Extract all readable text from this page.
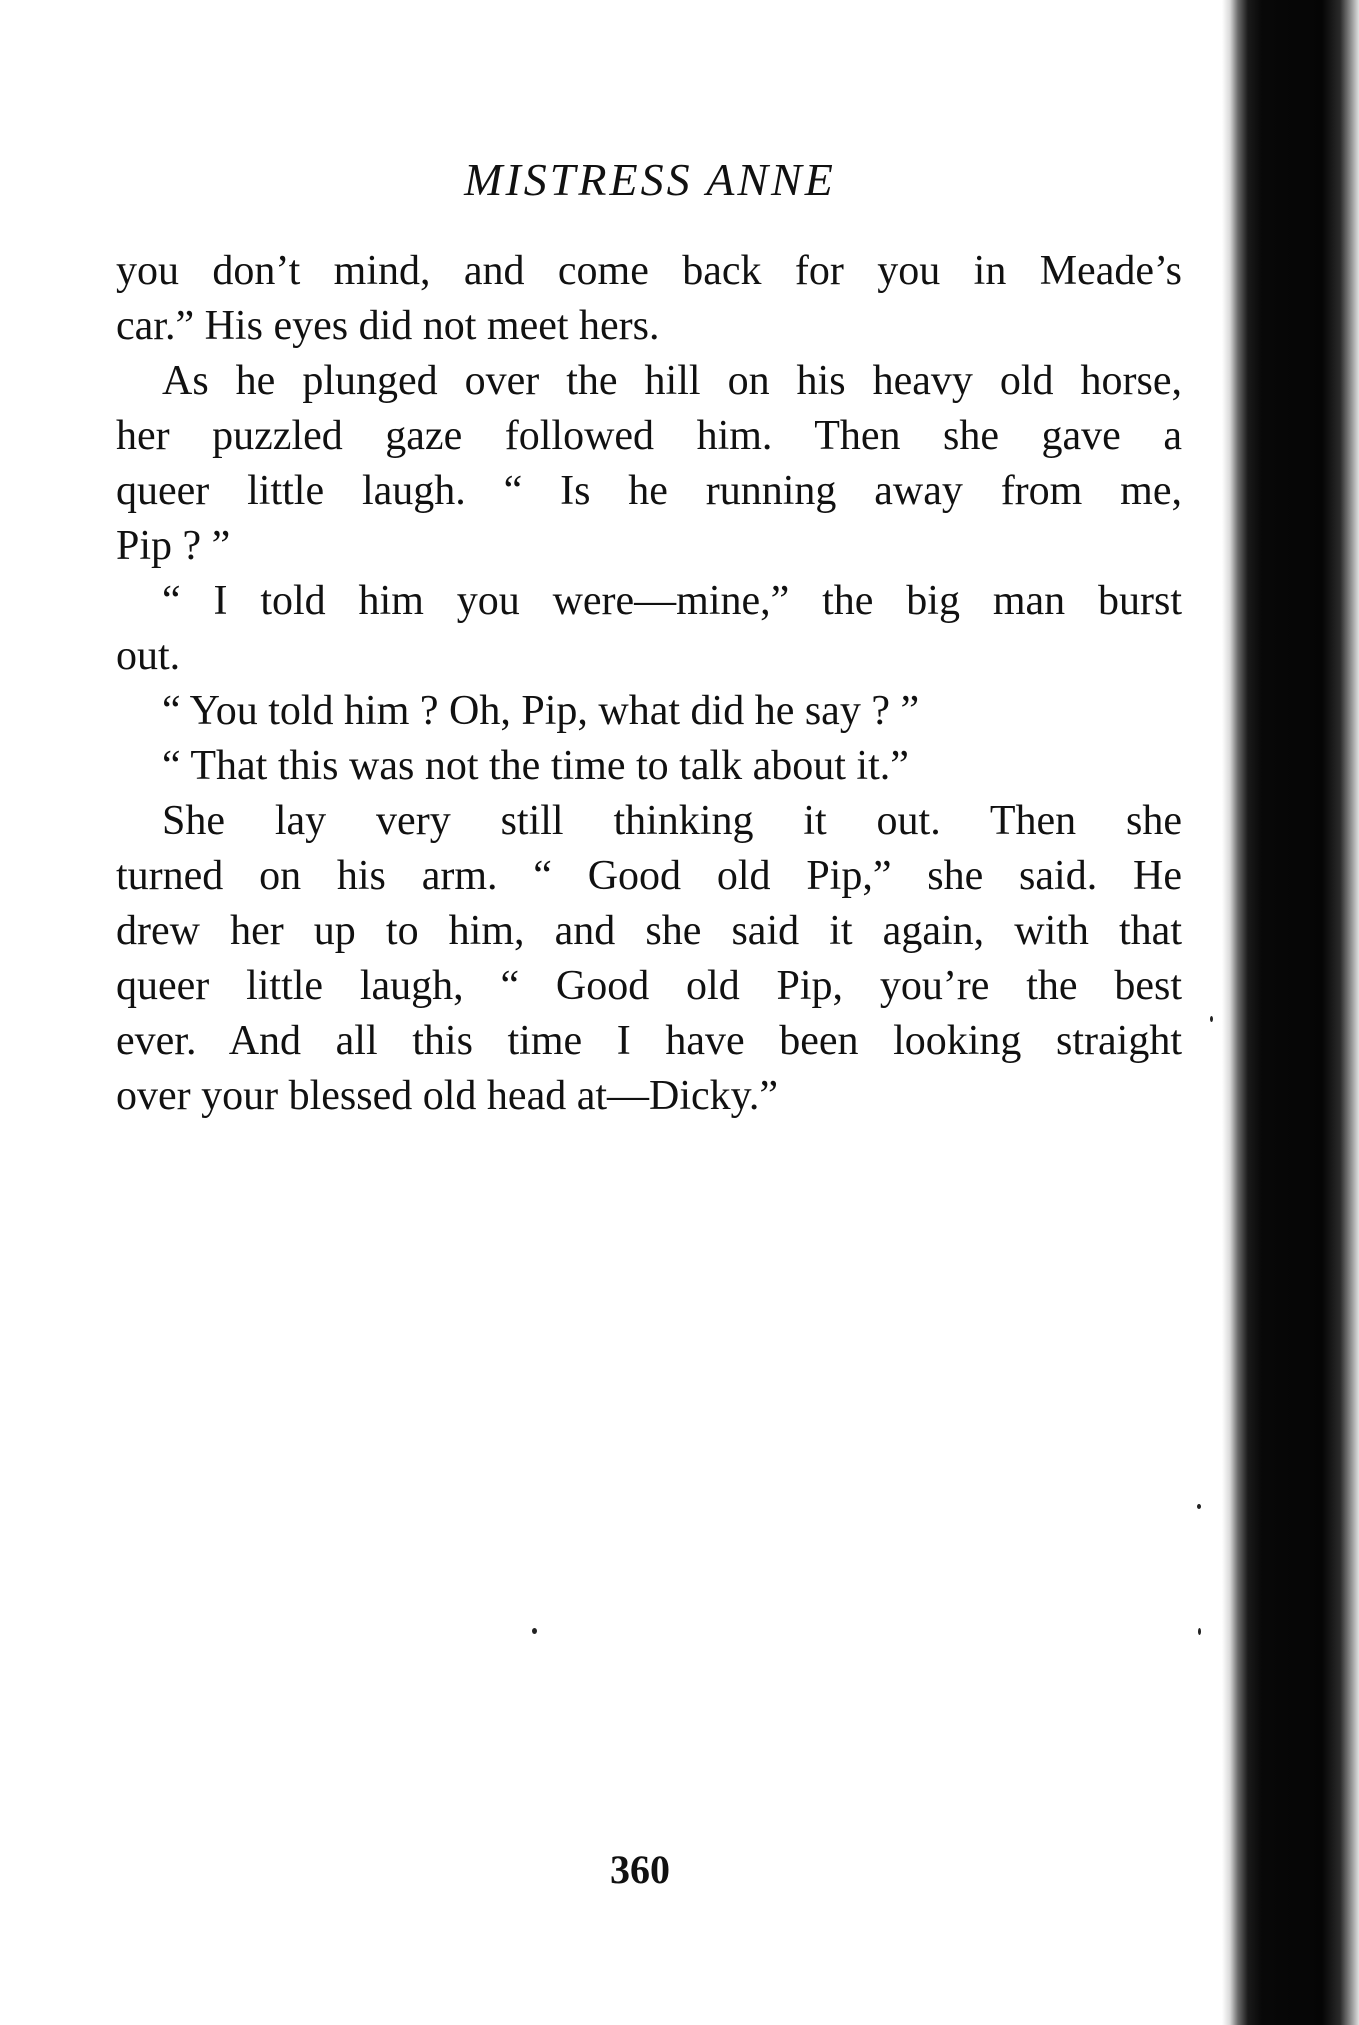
MISTRESS ANNE
you don’t mind, and come back for you in Meade’s
car.” His eyes did not meet hers.
As he plunged over the hill on his heavy old horse,
her puzzled gaze followed him. Then she gave a
queer little laugh. “ Is he running away from me,
Pip ? ”
“ I told him you were—mine,” the big man burst
out.
“ You told him ? Oh, Pip, what did he say ? ”
“ That this was not the time to talk about it.”
She lay very still thinking it out. Then she
turned on his arm. “ Good old Pip,” she said. He
drew her up to him, and she said it again, with that
queer little laugh, “ Good old Pip, you’re the best
ever. And all this time I have been looking straight
over your blessed old head at—Dicky.”
360
